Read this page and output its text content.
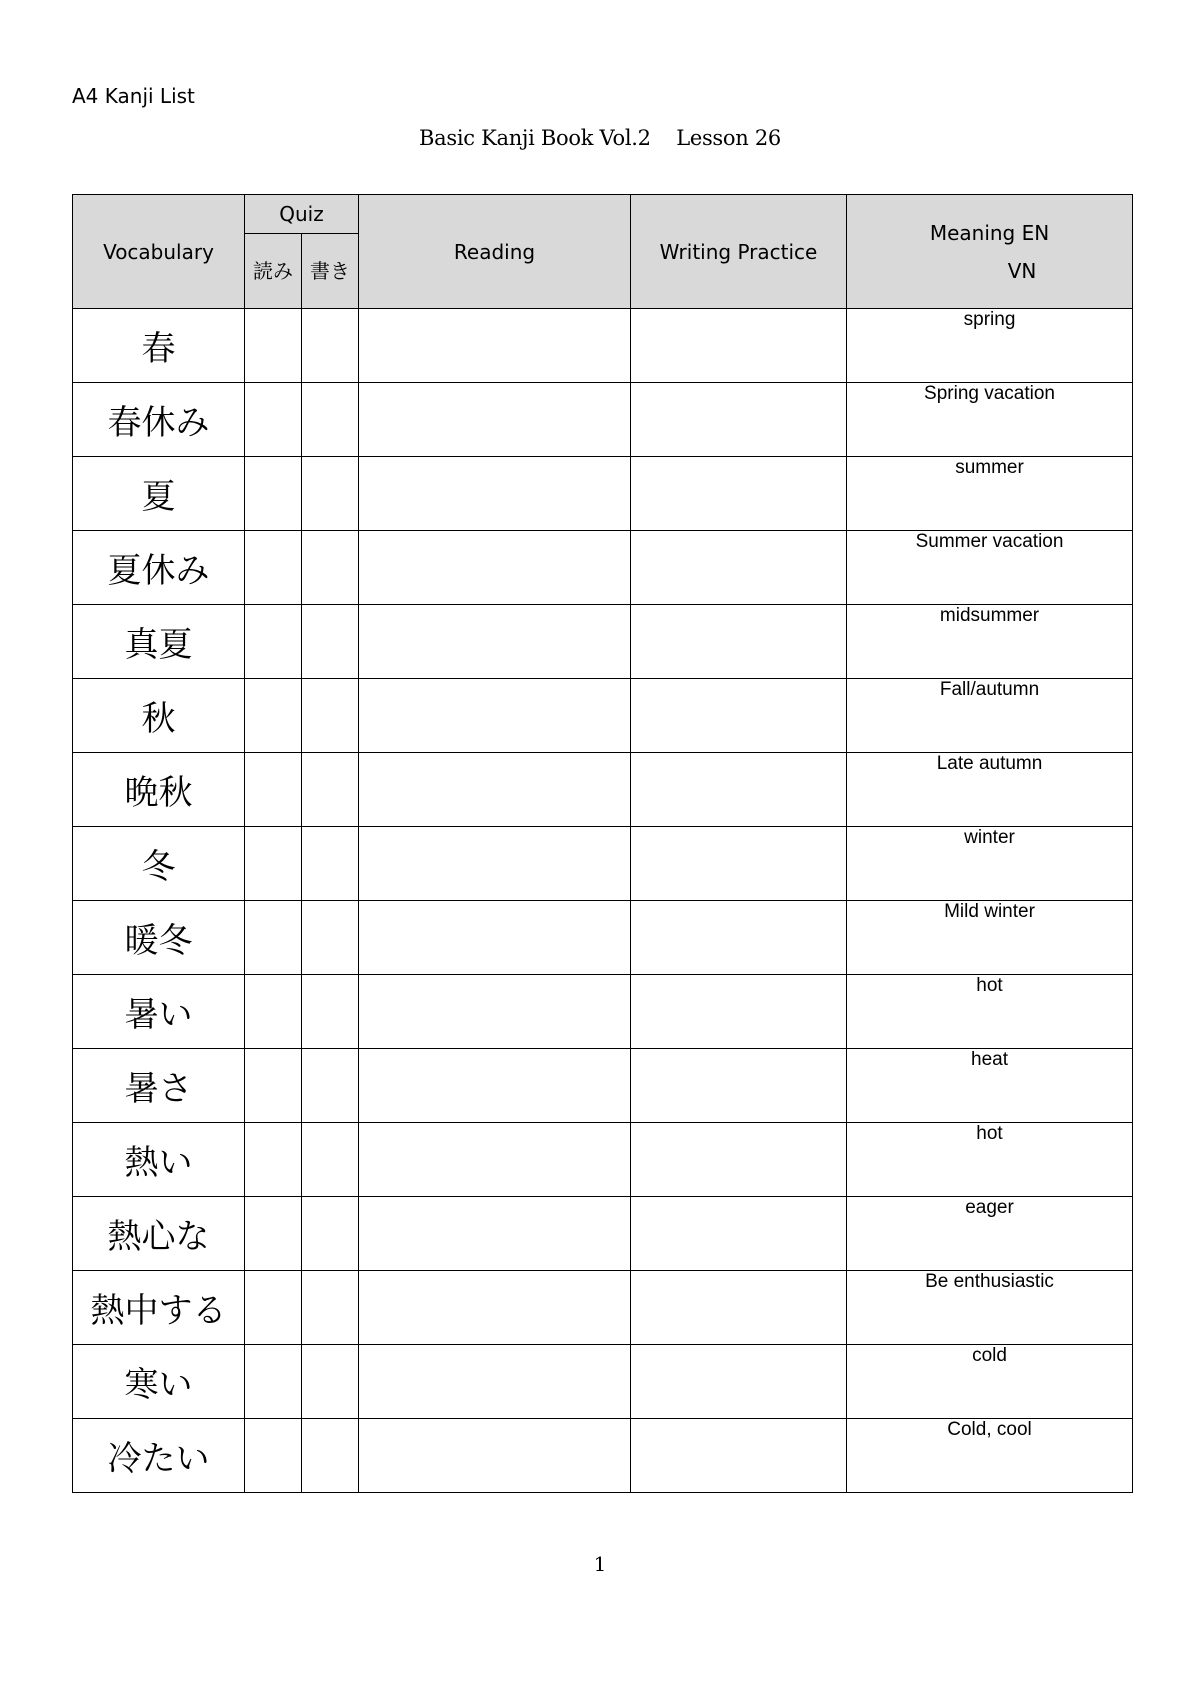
A4 Kanji List
Basic Kanji Book Vol.2 Lesson 26
Vocabulary	Quiz		Reading	Writing Practice	Meaning EN
VN

	読み	書き			
春					spring
春休み					Spring vacation
夏					summer
夏休み					Summer vacation
真夏					midsummer
秋					Fall/autumn
晩秋					Late autumn
冬					winter
暖冬					Mild winter
暑い					hot
暑さ					heat
熱い					hot
熱心な					eager
熱中する					Be enthusiastic
寒い					cold
冷たい					Cold, cool
1
